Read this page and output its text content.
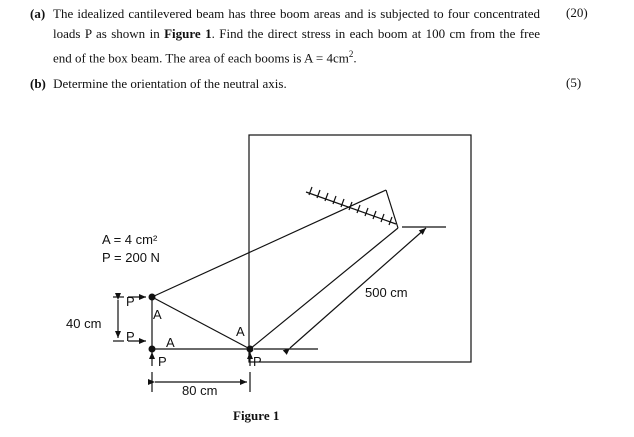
(a) The idealized cantilevered beam has three boom areas and is subjected to four concentrated loads P as shown in Figure 1. Find the direct stress in each boom at 100 cm from the free end of the box beam. The area of each booms is $A = 4cm^2$.
(20)
(b) Determine the orientation of the neutral axis.	(5)
A = 4 cm²
P = 200 N
500 cm
40 cm
80 cm
P
P
P	P
A
A
A
Figure 1
